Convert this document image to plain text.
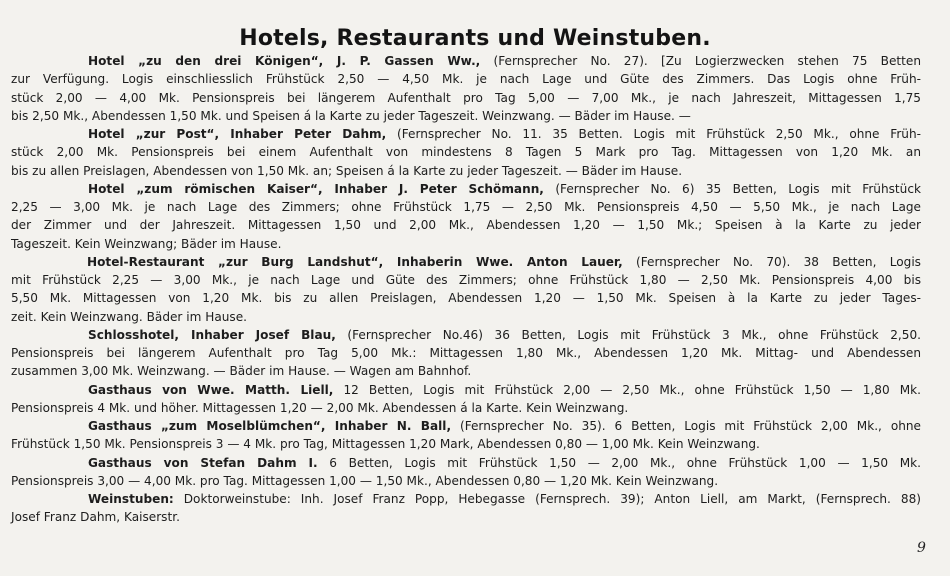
Hotels, Restaurants und Weinstuben.
Hotel „zu den drei Königen“, J. P. Gassen Ww., (Fernsprecher No. 27). [Zu Logierzwecken stehen 75 Betten
zur Verfügung. Logis einschliesslich Frühstück 2,50 — 4,50 Mk. je nach Lage und Güte des Zimmers. Das Logis ohne Früh-
stück 2,00 — 4,00 Mk. Pensionspreis bei längerem Aufenthalt pro Tag 5,00 — 7,00 Mk., je nach Jahreszeit, Mittagessen 1,75
bis 2,50 Mk., Abendessen 1,50 Mk. und Speisen á la Karte zu jeder Tageszeit. Weinzwang. — Bäder im Hause. —
Hotel „zur Post“, Inhaber Peter Dahm, (Fernsprecher No. 11. 35 Betten. Logis mit Frühstück 2,50 Mk., ohne Früh-
stück 2,00 Mk. Pensionspreis bei einem Aufenthalt von mindestens 8 Tagen 5 Mark pro Tag. Mittagessen von 1,20 Mk. an
bis zu allen Preislagen, Abendessen von 1,50 Mk. an; Speisen á la Karte zu jeder Tageszeit. — Bäder im Hause.
Hotel „zum römischen Kaiser“, Inhaber J. Peter Schömann, (Fernsprecher No. 6) 35 Betten, Logis mit Frühstück
2,25 — 3,00 Mk. je nach Lage des Zimmers; ohne Frühstück 1,75 — 2,50 Mk. Pensionspreis 4,50 — 5,50 Mk., je nach Lage
der Zimmer und der Jahreszeit. Mittagessen 1,50 und 2,00 Mk., Abendessen 1,20 — 1,50 Mk.; Speisen à la Karte zu jeder
Tageszeit. Kein Weinzwang; Bäder im Hause.
Hotel-Restaurant „zur Burg Landshut“, Inhaberin Wwe. Anton Lauer, (Fernsprecher No. 70). 38 Betten, Logis
mit Frühstück 2,25 — 3,00 Mk., je nach Lage und Güte des Zimmers; ohne Frühstück 1,80 — 2,50 Mk. Pensionspreis 4,00 bis
5,50 Mk. Mittagessen von 1,20 Mk. bis zu allen Preislagen, Abendessen 1,20 — 1,50 Mk. Speisen à la Karte zu jeder Tages-
zeit. Kein Weinzwang. Bäder im Hause.
Schlosshotel, Inhaber Josef Blau, (Fernsprecher No.46) 36 Betten, Logis mit Frühstück 3 Mk., ohne Frühstück 2,50.
Pensionspreis bei längerem Aufenthalt pro Tag 5,00 Mk.: Mittagessen 1,80 Mk., Abendessen 1,20 Mk. Mittag- und Abendessen
zusammen 3,00 Mk. Weinzwang. — Bäder im Hause. — Wagen am Bahnhof.
Gasthaus von Wwe. Matth. Liell, 12 Betten, Logis mit Frühstück 2,00 — 2,50 Mk., ohne Frühstück 1,50 — 1,80 Mk.
Pensionspreis 4 Mk. und höher. Mittagessen 1,20 — 2,00 Mk. Abendessen á la Karte. Kein Weinzwang.
Gasthaus „zum Moselblümchen“, Inhaber N. Ball, (Fernsprecher No. 35). 6 Betten, Logis mit Frühstück 2,00 Mk., ohne
Frühstück 1,50 Mk. Pensionspreis 3 — 4 Mk. pro Tag, Mittagessen 1,20 Mark, Abendessen 0,80 — 1,00 Mk. Kein Weinzwang.
Gasthaus von Stefan Dahm I. 6 Betten, Logis mit Frühstück 1,50 — 2,00 Mk., ohne Frühstück 1,00 — 1,50 Mk.
Pensionspreis 3,00 — 4,00 Mk. pro Tag. Mittagessen 1,00 — 1,50 Mk., Abendessen 0,80 — 1,20 Mk. Kein Weinzwang.
Weinstuben: Doktorweinstube: Inh. Josef Franz Popp, Hebegasse (Fernsprech. 39); Anton Liell, am Markt, (Fernsprech. 88)
Josef Franz Dahm, Kaiserstr.
9
